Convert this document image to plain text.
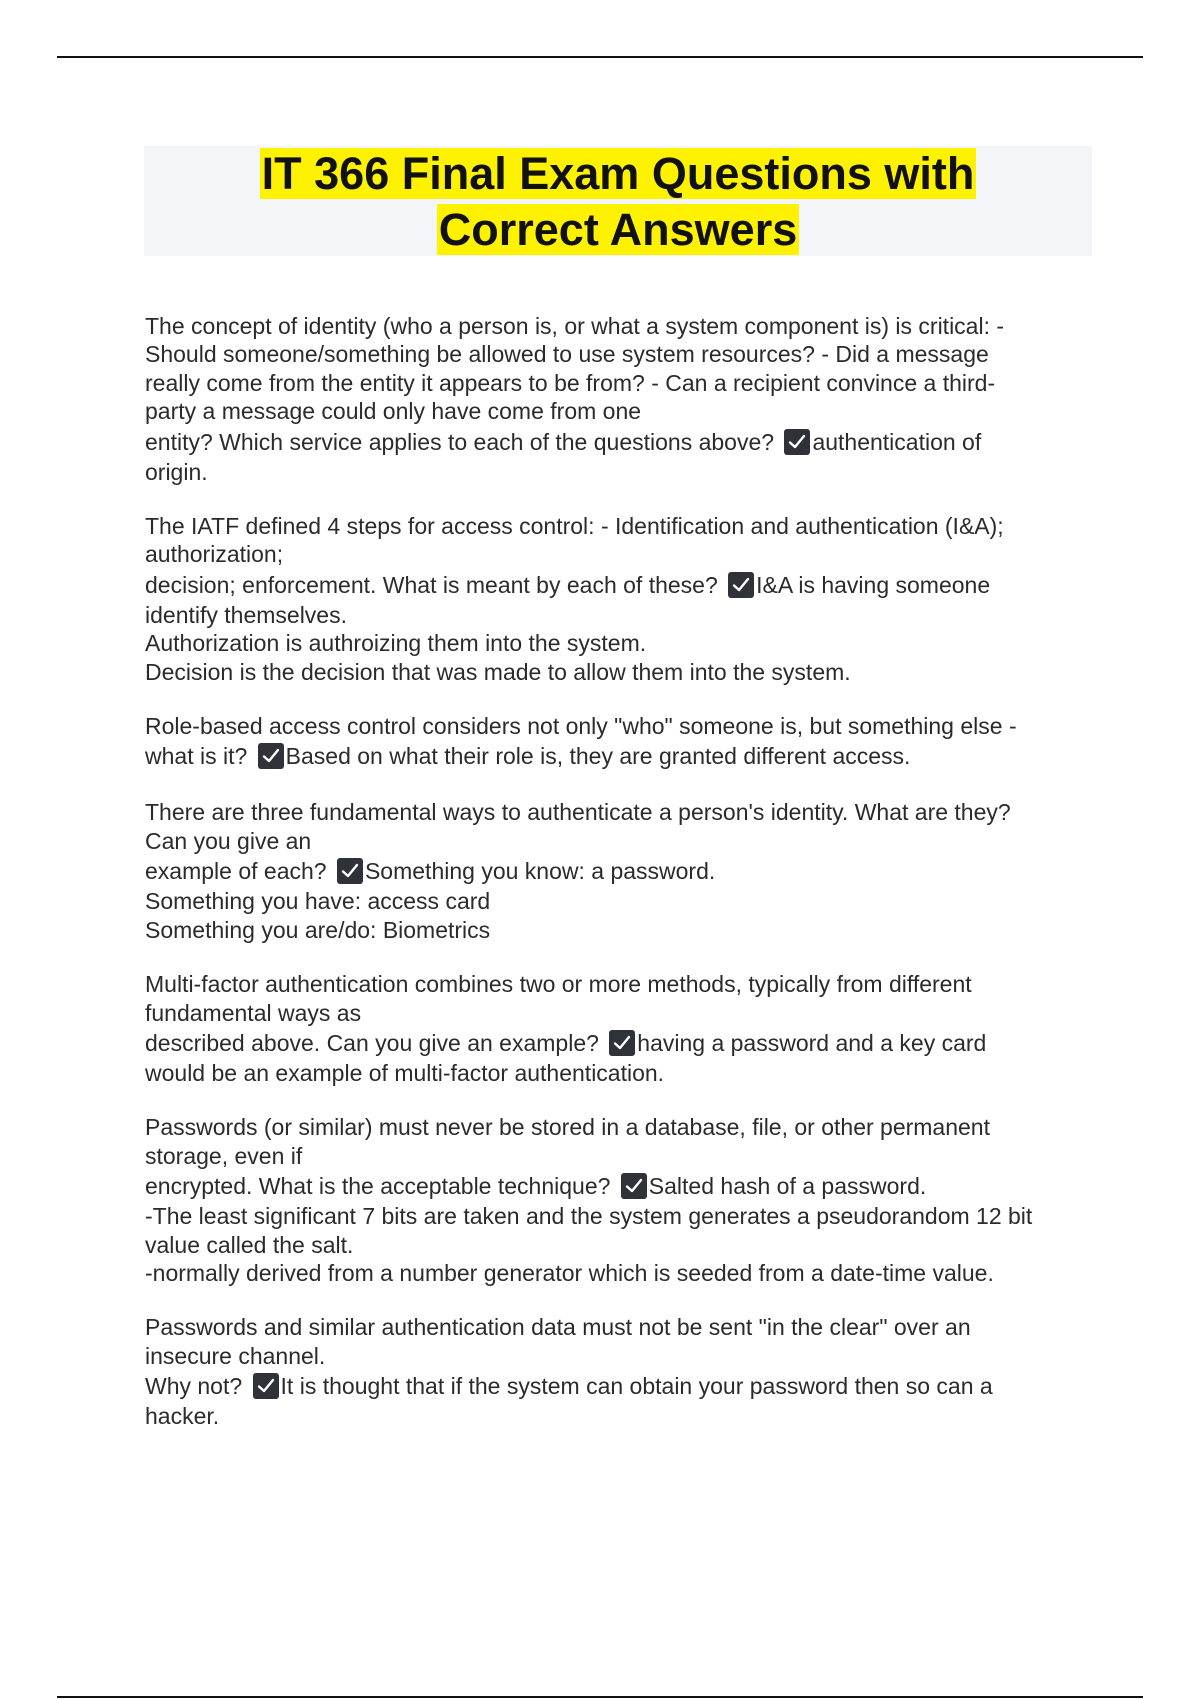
IT 366 Final Exam Questions with
Correct Answers

The concept of identity (who a person is, or what a system component is) is critical: -
Should someone/something be allowed to use system resources? - Did a message
really come from the entity it appears to be from? - Can a recipient convince a third-
party a message could only have come from one
entity? Which service applies to each of the questions above? authentication of
origin.

The IATF defined 4 steps for access control: - Identification and authentication (I&A);
authorization;
decision; enforcement. What is meant by each of these? I&A is having someone
identify themselves.
Authorization is authroizing them into the system.
Decision is the decision that was made to allow them into the system.

Role-based access control considers not only "who" someone is, but something else -
what is it? Based on what their role is, they are granted different access.

There are three fundamental ways to authenticate a person's identity. What are they?
Can you give an
example of each? Something you know: a password.
Something you have: access card
Something you are/do: Biometrics

Multi-factor authentication combines two or more methods, typically from different
fundamental ways as
described above. Can you give an example? having a password and a key card
would be an example of multi-factor authentication.

Passwords (or similar) must never be stored in a database, file, or other permanent
storage, even if
encrypted. What is the acceptable technique? Salted hash of a password.
-The least significant 7 bits are taken and the system generates a pseudorandom 12 bit
value called the salt.
-normally derived from a number generator which is seeded from a date-time value.

Passwords and similar authentication data must not be sent "in the clear" over an
insecure channel.
Why not? It is thought that if the system can obtain your password then so can a
hacker.
